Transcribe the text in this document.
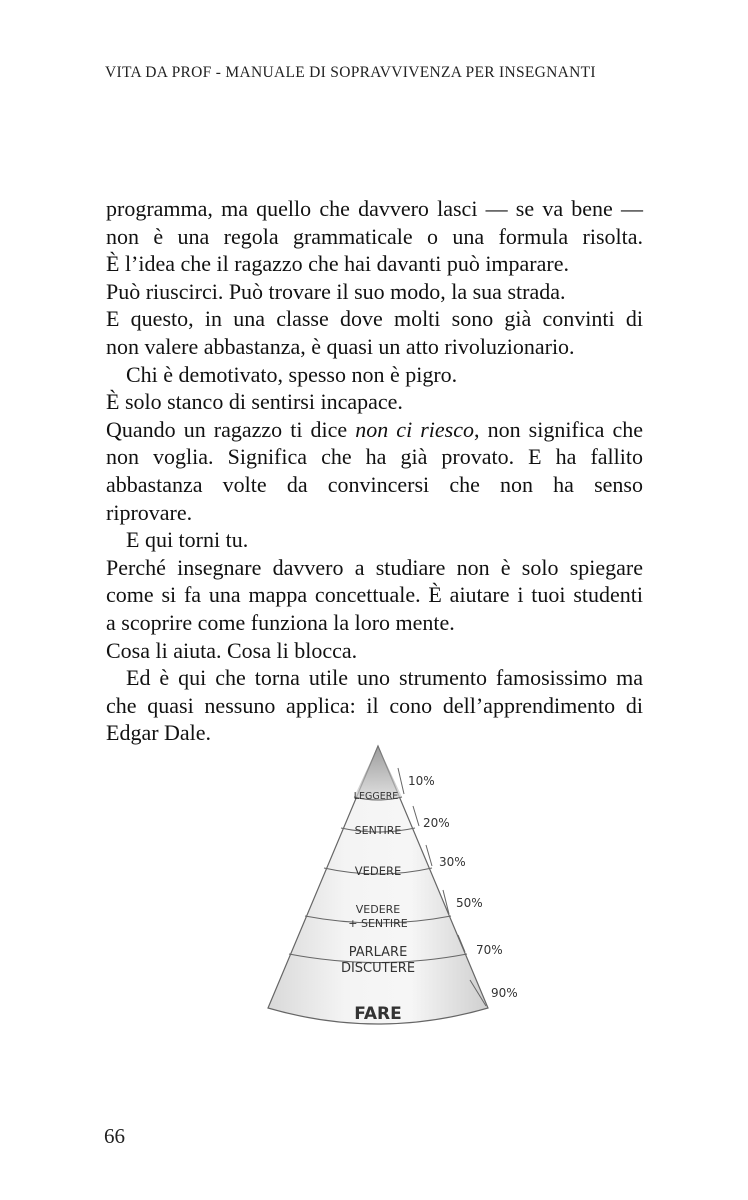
VITA DA PROF - MANUALE DI SOPRAVVIVENZA PER INSEGNANTI
programma, ma quello che davvero lasci — se va bene —
non è una regola grammaticale o una formula risolta.
È l’idea che il ragazzo che hai davanti può imparare.
Può riuscirci. Può trovare il suo modo, la sua strada.
E questo, in una classe dove molti sono già convinti di
non valere abbastanza, è quasi un atto rivoluzionario.
Chi è demotivato, spesso non è pigro.
È solo stanco di sentirsi incapace.
Quando un ragazzo ti dice non ci riesco, non significa che
non voglia. Significa che ha già provato. E ha fallito
abbastanza volte da convincersi che non ha senso
riprovare.
E qui torni tu.
Perché insegnare davvero a studiare non è solo spiegare
come si fa una mappa concettuale. È aiutare i tuoi studenti
a scoprire come funziona la loro mente.
Cosa li aiuta. Cosa li blocca.
Ed è qui che torna utile uno strumento famosissimo ma
che quasi nessuno applica: il cono dell’apprendimento di
Edgar Dale.
LEGGERE
SENTIRE
VEDERE
VEDERE
+ SENTIRE
PARLARE
DISCUTERE
FARE
10%
20%
30%
50%
70%
90%
66
